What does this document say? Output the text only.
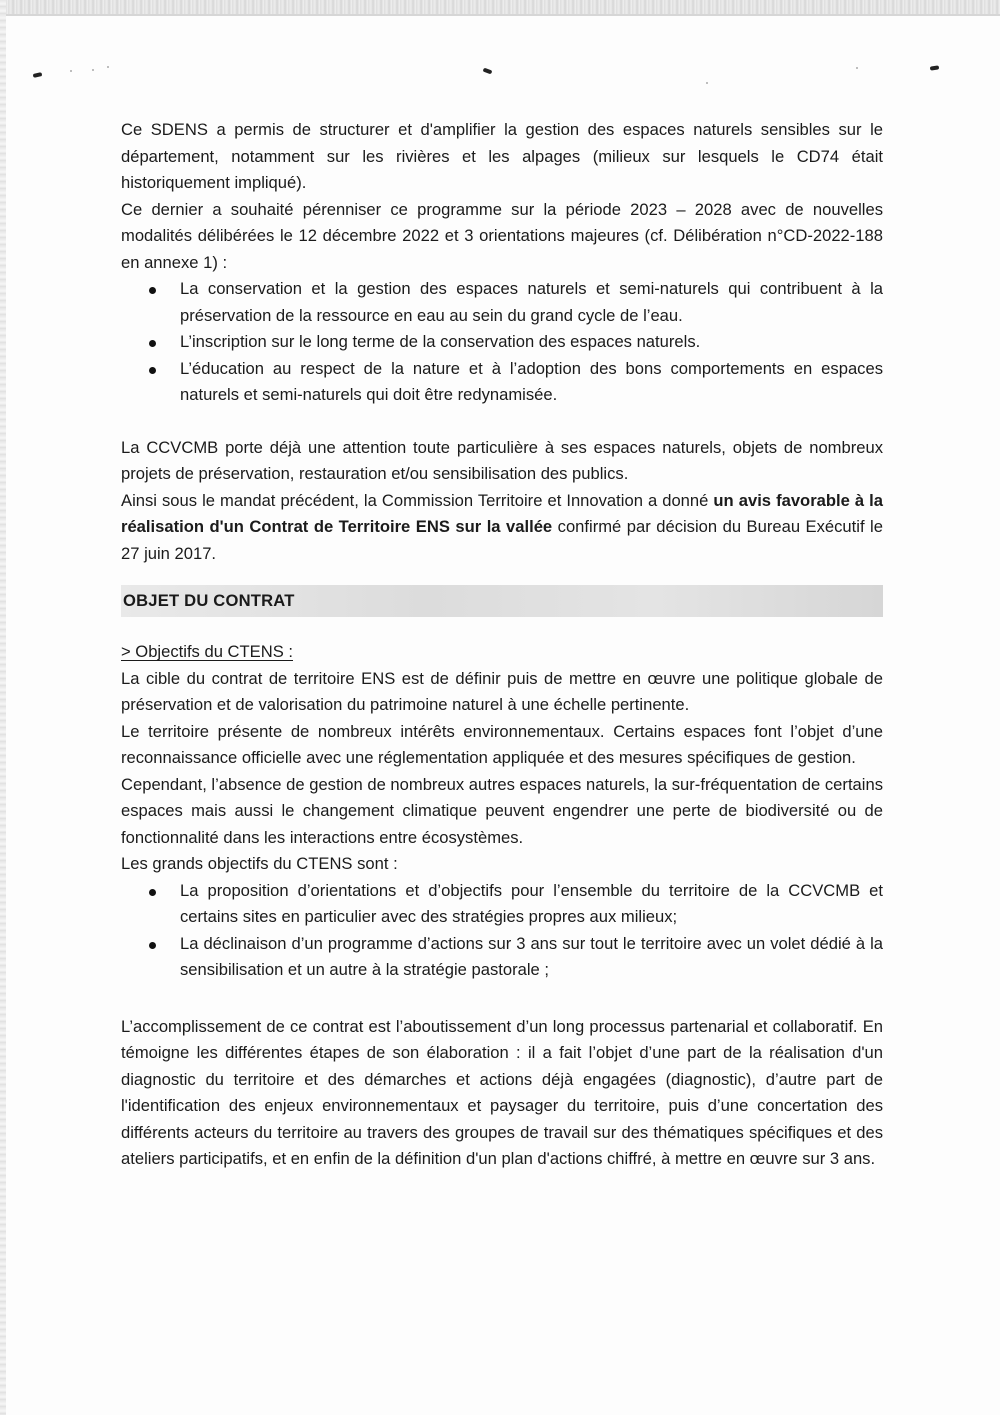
Ce SDENS a permis de structurer et d'amplifier la gestion des espaces naturels sensibles sur le département, notamment sur les rivières et les alpages (milieux sur lesquels le CD74 était historiquement impliqué).

Ce dernier a souhaité pérenniser ce programme sur la période 2023 – 2028 avec de nouvelles modalités délibérées le 12 décembre 2022 et 3 orientations majeures (cf. Délibération n°CD-2022-188 en annexe 1) :

La conservation et la gestion des espaces naturels et semi-naturels qui contribuent à la préservation de la ressource en eau au sein du grand cycle de l’eau.
L’inscription sur le long terme de la conservation des espaces naturels.
L’éducation au respect de la nature et à l’adoption des bons comportements en espaces naturels et semi-naturels qui doit être redynamisée.

La CCVCMB porte déjà une attention toute particulière à ses espaces naturels, objets de nombreux projets de préservation, restauration et/ou sensibilisation des publics.

Ainsi sous le mandat précédent, la Commission Territoire et Innovation a donné un avis favorable à la réalisation d'un Contrat de Territoire ENS sur la vallée confirmé par décision du Bureau Exécutif le 27 juin 2017.

OBJET DU CONTRAT

> Objectifs du CTENS :

La cible du contrat de territoire ENS est de définir puis de mettre en œuvre une politique globale de préservation et de valorisation du patrimoine naturel à une échelle pertinente.

Le territoire présente de nombreux intérêts environnementaux. Certains espaces font l’objet d’une reconnaissance officielle avec une réglementation appliquée et des mesures spécifiques de gestion.

Cependant, l’absence de gestion de nombreux autres espaces naturels, la sur-fréquentation de certains espaces mais aussi le changement climatique peuvent engendrer une perte de biodiversité ou de fonctionnalité dans les interactions entre écosystèmes.

Les grands objectifs du CTENS sont :

La proposition d’orientations et d’objectifs pour l’ensemble du territoire de la CCVCMB et certains sites en particulier avec des stratégies propres aux milieux;
La déclinaison d’un programme d’actions sur 3 ans sur tout le territoire avec un volet dédié à la sensibilisation et un autre à la stratégie pastorale ;

L’accomplissement de ce contrat est l’aboutissement d’un long processus partenarial et collaboratif. En témoigne les différentes étapes de son élaboration : il a fait l’objet d’une part de la réalisation d'un diagnostic du territoire et des démarches et actions déjà engagées (diagnostic), d’autre part de l'identification des enjeux environnementaux et paysager du territoire, puis d’une concertation des différents acteurs du territoire au travers des groupes de travail sur des thématiques spécifiques et des ateliers participatifs, et en enfin de la définition d'un plan d'actions chiffré, à mettre en œuvre sur 3 ans.
